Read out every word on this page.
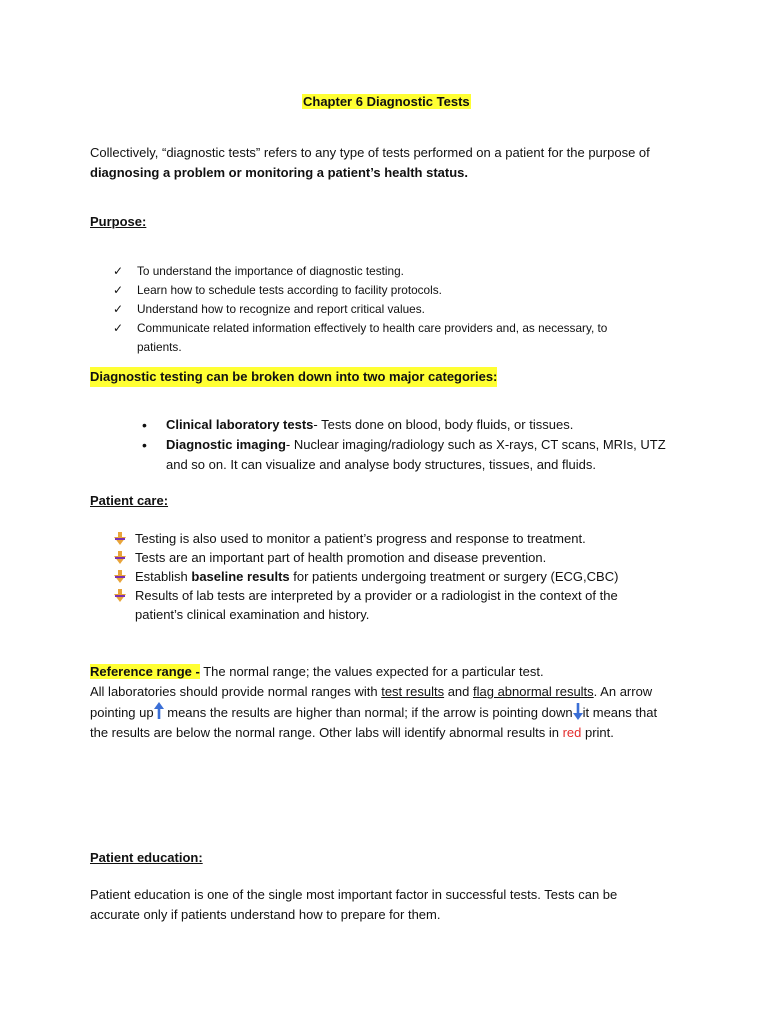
Chapter 6 Diagnostic Tests
Collectively, “diagnostic tests” refers to any type of tests performed on a patient for the purpose of diagnosing a problem or monitoring a patient’s health status.
Purpose:
✓ To understand the importance of diagnostic testing.
✓ Learn how to schedule tests according to facility protocols.
✓ Understand how to recognize and report critical values.
✓ Communicate related information effectively to health care providers and, as necessary, to patients.
Diagnostic testing can be broken down into two major categories:
• Clinical laboratory tests- Tests done on blood, body fluids, or tissues.
• Diagnostic imaging- Nuclear imaging/radiology such as X-rays, CT scans, MRIs, UTZ and so on. It can visualize and analyse body structures, tissues, and fluids.
Patient care:
Testing is also used to monitor a patient’s progress and response to treatment.
Tests are an important part of health promotion and disease prevention.
Establish baseline results for patients undergoing treatment or surgery (ECG,CBC)
Results of lab tests are interpreted by a provider or a radiologist in the context of the patient’s clinical examination and history.
Reference range - The normal range; the values expected for a particular test.
All laboratories should provide normal ranges with test results and flag abnormal results. An arrow pointing up means the results are higher than normal; if the arrow is pointing down it means that the results are below the normal range. Other labs will identify abnormal results in red print.
Patient education:
Patient education is one of the single most important factor in successful tests. Tests can be accurate only if patients understand how to prepare for them.
